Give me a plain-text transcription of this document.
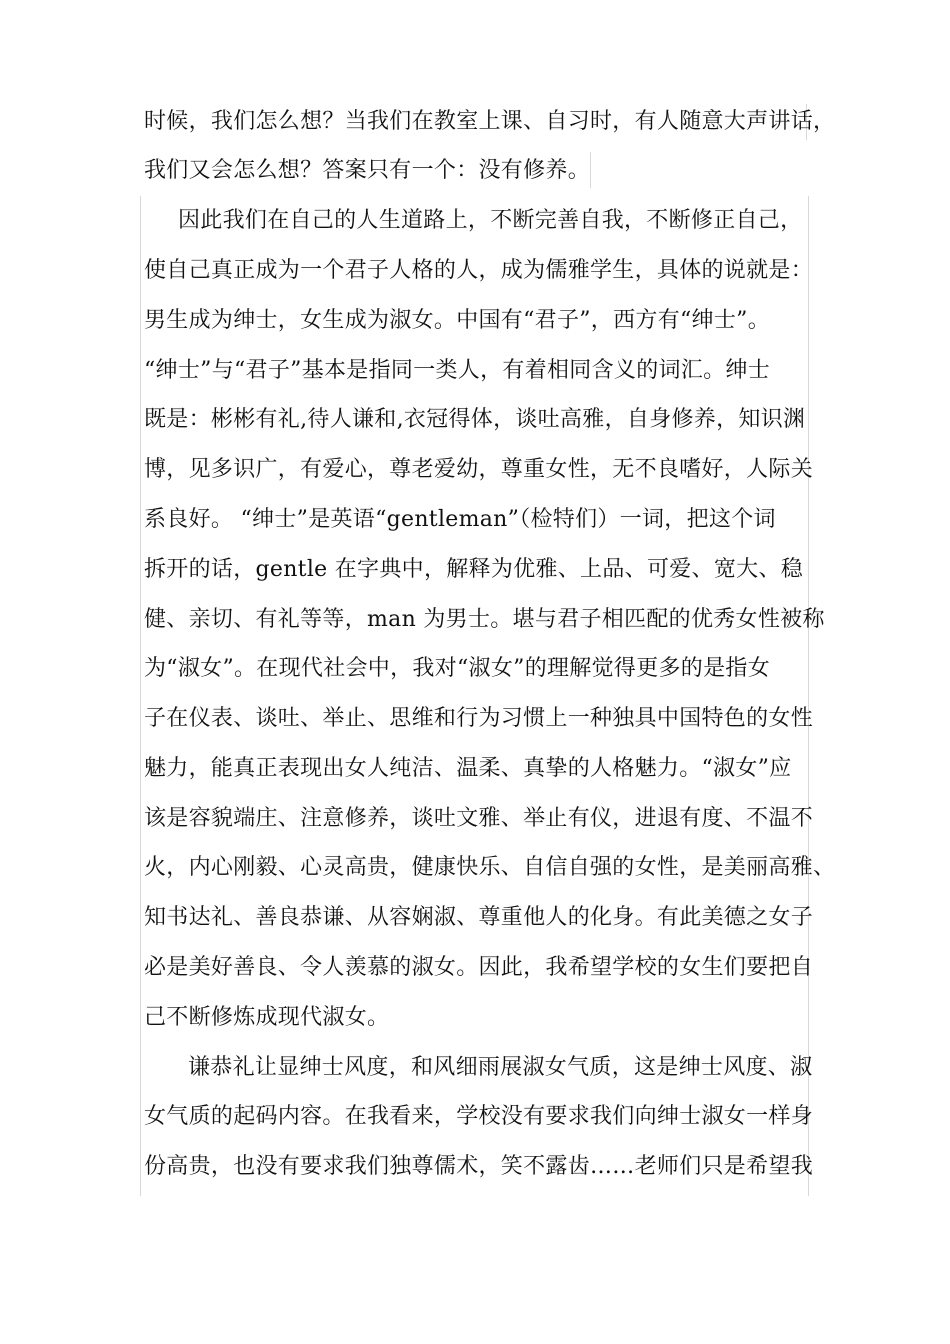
时候，我们怎么想？当我们在教室上课、自习时，有人随意大声讲话，
我们又会怎么想？答案只有一个：没有修养。
因此我们在自己的人生道路上，不断完善自我，不断修正自己，
使自己真正成为一个君子人格的人，成为儒雅学生，具体的说就是：
男生成为绅士，女生成为淑女。中国有“君子”，西方有“绅士”。
“绅士”与“君子”基本是指同一类人，有着相同含义的词汇。绅士
既是：彬彬有礼,待人谦和,衣冠得体，谈吐高雅，自身修养，知识渊
博，见多识广，有爱心，尊老爱幼，尊重女性，无不良嗜好，人际关
系良好。 “绅士”是英语“gentleman”（检特们）一词，把这个词
拆开的话，gentle 在字典中，解释为优雅、上品、可爱、宽大、稳
健、亲切、有礼等等，man 为男士。堪与君子相匹配的优秀女性被称
为“淑女”。在现代社会中，我对“淑女”的理解觉得更多的是指女
子在仪表、谈吐、举止、思维和行为习惯上一种独具中国特色的女性
魅力，能真正表现出女人纯洁、温柔、真挚的人格魅力。“淑女”应
该是容貌端庄、注意修养，谈吐文雅、举止有仪，进退有度、不温不
火，内心刚毅、心灵高贵，健康快乐、自信自强的女性，是美丽高雅、
知书达礼、善良恭谦、从容娴淑、尊重他人的化身。有此美德之女子
必是美好善良、令人羡慕的淑女。因此，我希望学校的女生们要把自
己不断修炼成现代淑女。
谦恭礼让显绅士风度，和风细雨展淑女气质，这是绅士风度、淑
女气质的起码内容。在我看来，学校没有要求我们向绅士淑女一样身
份高贵，也没有要求我们独尊儒术，笑不露齿……老师们只是希望我
